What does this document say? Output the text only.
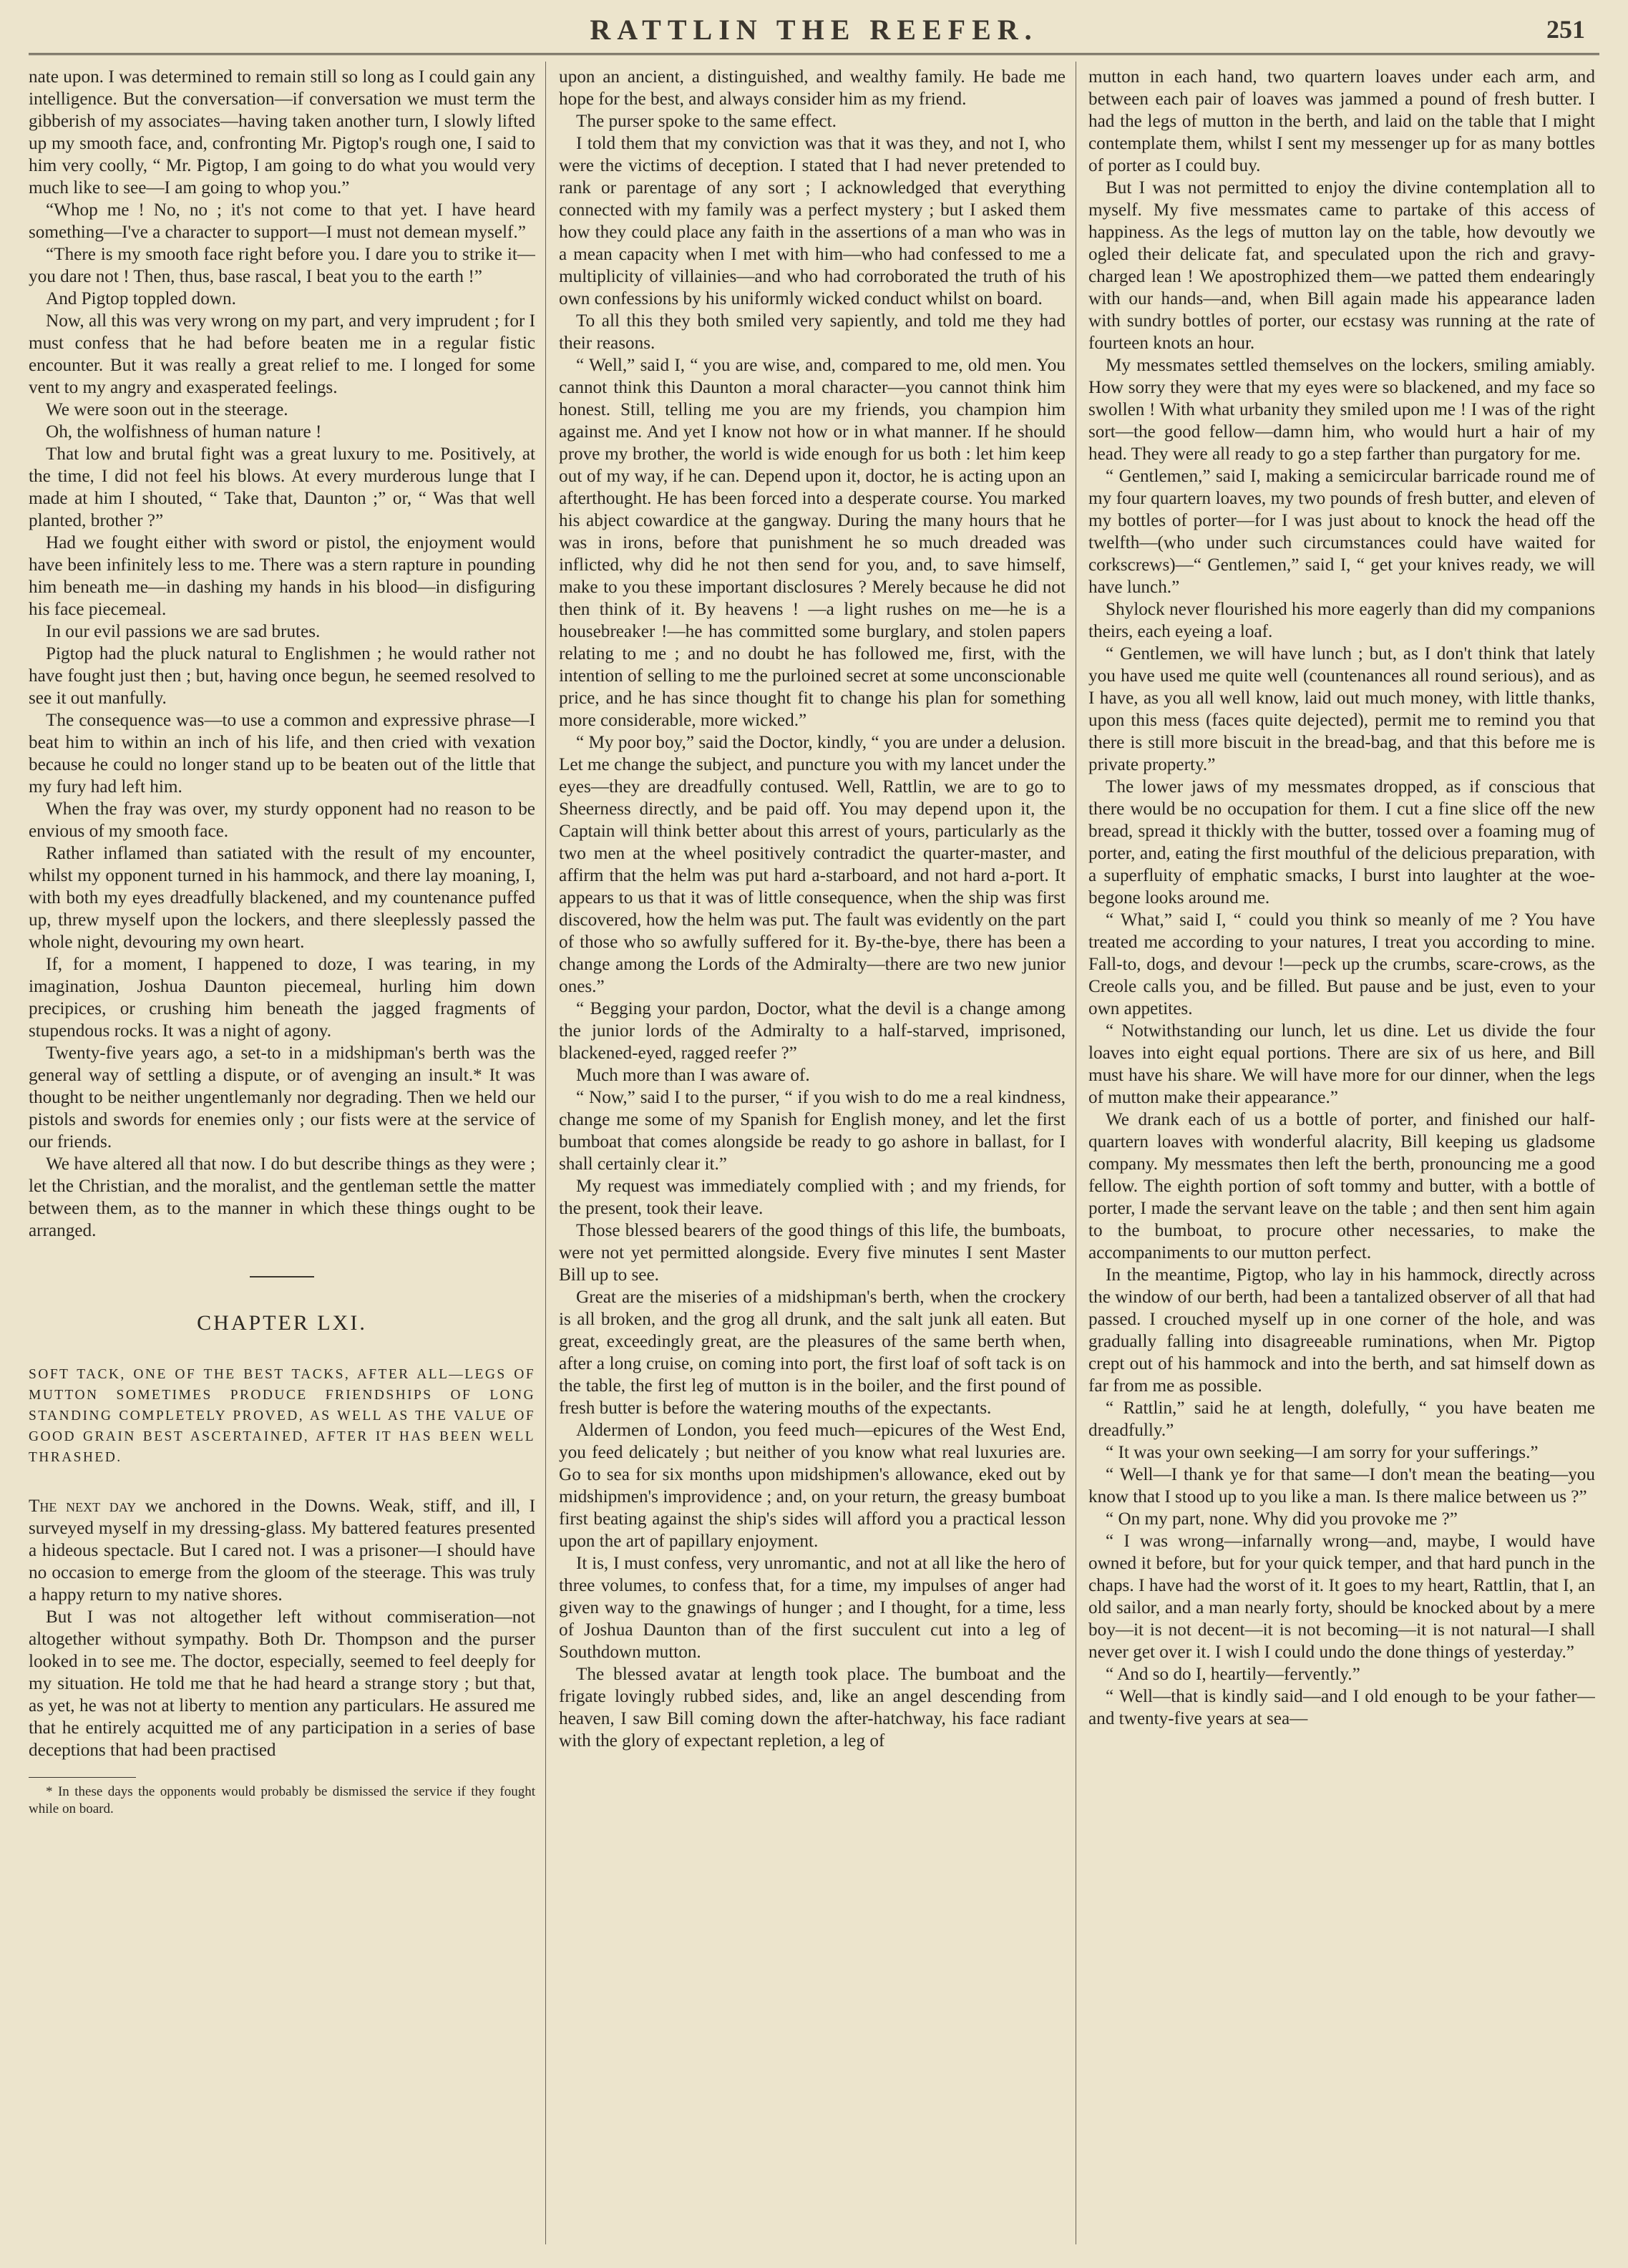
RATTLIN THE REEFER.	251

nate upon. I was determined to remain still so long as I could gain any intelligence. But the conversation—if conversation we must term the gibberish of my associates—having taken another turn, I slowly lifted up my smooth face, and, confronting Mr. Pigtop's rough one, I said to him very coolly, “ Mr. Pigtop, I am going to do what you would very much like to see—I am going to whop you.”

“Whop me ! No, no ; it's not come to that yet. I have heard something—I've a character to support—I must not demean myself.”

“There is my smooth face right before you. I dare you to strike it—you dare not ! Then, thus, base rascal, I beat you to the earth !”

And Pigtop toppled down.

Now, all this was very wrong on my part, and very imprudent ; for I must confess that he had before beaten me in a regular fistic encounter. But it was really a great relief to me. I longed for some vent to my angry and exasperated feelings.

We were soon out in the steerage.

Oh, the wolfishness of human nature !

That low and brutal fight was a great luxury to me. Positively, at the time, I did not feel his blows. At every murderous lunge that I made at him I shouted, “ Take that, Daunton ;” or, “ Was that well planted, brother ?”

Had we fought either with sword or pistol, the enjoyment would have been infinitely less to me. There was a stern rapture in pounding him beneath me—in dashing my hands in his blood—in disfiguring his face piecemeal.

In our evil passions we are sad brutes.

Pigtop had the pluck natural to Englishmen ; he would rather not have fought just then ; but, having once begun, he seemed resolved to see it out manfully.

The consequence was—to use a common and expressive phrase—I beat him to within an inch of his life, and then cried with vexation because he could no longer stand up to be beaten out of the little that my fury had left him.

When the fray was over, my sturdy opponent had no reason to be envious of my smooth face.

Rather inflamed than satiated with the result of my encounter, whilst my opponent turned in his hammock, and there lay moaning, I, with both my eyes dreadfully blackened, and my countenance puffed up, threw myself upon the lockers, and there sleeplessly passed the whole night, devouring my own heart.

If, for a moment, I happened to doze, I was tearing, in my imagination, Joshua Daunton piecemeal, hurling him down precipices, or crushing him beneath the jagged fragments of stupendous rocks. It was a night of agony.

Twenty-five years ago, a set-to in a midshipman's berth was the general way of settling a dispute, or of avenging an insult.* It was thought to be neither ungentlemanly nor degrading. Then we held our pistols and swords for enemies only ; our fists were at the service of our friends.

We have altered all that now. I do but describe things as they were ; let the Christian, and the moralist, and the gentleman settle the matter between them, as to the manner in which these things ought to be arranged.

CHAPTER LXI.
SOFT TACK, ONE OF THE BEST TACKS, AFTER ALL—LEGS OF MUTTON SOMETIMES PRODUCE FRIENDSHIPS OF LONG STANDING COMPLETELY PROVED, AS WELL AS THE VALUE OF GOOD GRAIN BEST ASCERTAINED, AFTER IT HAS BEEN WELL THRASHED.

The next day we anchored in the Downs. Weak, stiff, and ill, I surveyed myself in my dressing-glass. My battered features presented a hideous spectacle. But I cared not. I was a prisoner—I should have no occasion to emerge from the gloom of the steerage. This was truly a happy return to my native shores.

But I was not altogether left without commiseration—not altogether without sympathy. Both Dr. Thompson and the purser looked in to see me. The doctor, especially, seemed to feel deeply for my situation. He told me that he had heard a strange story ; but that, as yet, he was not at liberty to mention any particulars. He assured me that he entirely acquitted me of any participation in a series of base deceptions that had been practised

* In these days the opponents would probably be dismissed the service if they fought while on board.

upon an ancient, a distinguished, and wealthy family. He bade me hope for the best, and always consider him as my friend.

The purser spoke to the same effect.

I told them that my conviction was that it was they, and not I, who were the victims of deception. I stated that I had never pretended to rank or parentage of any sort ; I acknowledged that everything connected with my family was a perfect mystery ; but I asked them how they could place any faith in the assertions of a man who was in a mean capacity when I met with him—who had confessed to me a multiplicity of villainies—and who had corroborated the truth of his own confessions by his uniformly wicked conduct whilst on board.

To all this they both smiled very sapiently, and told me they had their reasons.

“ Well,” said I, “ you are wise, and, compared to me, old men. You cannot think this Daunton a moral character—you cannot think him honest. Still, telling me you are my friends, you champion him against me. And yet I know not how or in what manner. If he should prove my brother, the world is wide enough for us both : let him keep out of my way, if he can. Depend upon it, doctor, he is acting upon an afterthought. He has been forced into a desperate course. You marked his abject cowardice at the gangway. During the many hours that he was in irons, before that punishment he so much dreaded was inflicted, why did he not then send for you, and, to save himself, make to you these important disclosures ? Merely because he did not then think of it. By heavens ! —a light rushes on me—he is a housebreaker !—he has committed some burglary, and stolen papers relating to me ; and no doubt he has followed me, first, with the intention of selling to me the purloined secret at some unconscionable price, and he has since thought fit to change his plan for something more considerable, more wicked.”

“ My poor boy,” said the Doctor, kindly, “ you are under a delusion. Let me change the subject, and puncture you with my lancet under the eyes—they are dreadfully contused. Well, Rattlin, we are to go to Sheerness directly, and be paid off. You may depend upon it, the Captain will think better about this arrest of yours, particularly as the two men at the wheel positively contradict the quarter-master, and affirm that the helm was put hard a-starboard, and not hard a-port. It appears to us that it was of little consequence, when the ship was first discovered, how the helm was put. The fault was evidently on the part of those who so awfully suffered for it. By-the-bye, there has been a change among the Lords of the Admiralty—there are two new junior ones.”

“ Begging your pardon, Doctor, what the devil is a change among the junior lords of the Admiralty to a half-starved, imprisoned, blackened-eyed, ragged reefer ?”

Much more than I was aware of.

“ Now,” said I to the purser, “ if you wish to do me a real kindness, change me some of my Spanish for English money, and let the first bumboat that comes alongside be ready to go ashore in ballast, for I shall certainly clear it.”

My request was immediately complied with ; and my friends, for the present, took their leave.

Those blessed bearers of the good things of this life, the bumboats, were not yet permitted alongside. Every five minutes I sent Master Bill up to see.

Great are the miseries of a midshipman's berth, when the crockery is all broken, and the grog all drunk, and the salt junk all eaten. But great, exceedingly great, are the pleasures of the same berth when, after a long cruise, on coming into port, the first loaf of soft tack is on the table, the first leg of mutton is in the boiler, and the first pound of fresh butter is before the watering mouths of the expectants.

Aldermen of London, you feed much—epicures of the West End, you feed delicately ; but neither of you know what real luxuries are. Go to sea for six months upon midshipmen's allowance, eked out by midshipmen's improvidence ; and, on your return, the greasy bumboat first beating against the ship's sides will afford you a practical lesson upon the art of papillary enjoyment.

It is, I must confess, very unromantic, and not at all like the hero of three volumes, to confess that, for a time, my impulses of anger had given way to the gnawings of hunger ; and I thought, for a time, less of Joshua Daunton than of the first succulent cut into a leg of Southdown mutton.

The blessed avatar at length took place. The bumboat and the frigate lovingly rubbed sides, and, like an angel descending from heaven, I saw Bill coming down the after-hatchway, his face radiant with the glory of expectant repletion, a leg of

mutton in each hand, two quartern loaves under each arm, and between each pair of loaves was jammed a pound of fresh butter. I had the legs of mutton in the berth, and laid on the table that I might contemplate them, whilst I sent my messenger up for as many bottles of porter as I could buy.

But I was not permitted to enjoy the divine contemplation all to myself. My five messmates came to partake of this access of happiness. As the legs of mutton lay on the table, how devoutly we ogled their delicate fat, and speculated upon the rich and gravy-charged lean ! We apostrophized them—we patted them endearingly with our hands—and, when Bill again made his appearance laden with sundry bottles of porter, our ecstasy was running at the rate of fourteen knots an hour.

My messmates settled themselves on the lockers, smiling amiably. How sorry they were that my eyes were so blackened, and my face so swollen ! With what urbanity they smiled upon me ! I was of the right sort—the good fellow—damn him, who would hurt a hair of my head. They were all ready to go a step farther than purgatory for me.

“ Gentlemen,” said I, making a semicircular barricade round me of my four quartern loaves, my two pounds of fresh butter, and eleven of my bottles of porter—for I was just about to knock the head off the twelfth—(who under such circumstances could have waited for corkscrews)—“ Gentlemen,” said I, “ get your knives ready, we will have lunch.”

Shylock never flourished his more eagerly than did my companions theirs, each eyeing a loaf.

“ Gentlemen, we will have lunch ; but, as I don't think that lately you have used me quite well (countenances all round serious), and as I have, as you all well know, laid out much money, with little thanks, upon this mess (faces quite dejected), permit me to remind you that there is still more biscuit in the bread-bag, and that this before me is private property.”

The lower jaws of my messmates dropped, as if conscious that there would be no occupation for them. I cut a fine slice off the new bread, spread it thickly with the butter, tossed over a foaming mug of porter, and, eating the first mouthful of the delicious preparation, with a superfluity of emphatic smacks, I burst into laughter at the woe-begone looks around me.

“ What,” said I, “ could you think so meanly of me ? You have treated me according to your natures, I treat you according to mine. Fall-to, dogs, and devour !—peck up the crumbs, scare-crows, as the Creole calls you, and be filled. But pause and be just, even to your own appetites.

“ Notwithstanding our lunch, let us dine. Let us divide the four loaves into eight equal portions. There are six of us here, and Bill must have his share. We will have more for our dinner, when the legs of mutton make their appearance.”

We drank each of us a bottle of porter, and finished our half-quartern loaves with wonderful alacrity, Bill keeping us gladsome company. My messmates then left the berth, pronouncing me a good fellow. The eighth portion of soft tommy and butter, with a bottle of porter, I made the servant leave on the table ; and then sent him again to the bumboat, to procure other necessaries, to make the accompaniments to our mutton perfect.

In the meantime, Pigtop, who lay in his hammock, directly across the window of our berth, had been a tantalized observer of all that had passed. I crouched myself up in one corner of the hole, and was gradually falling into disagreeable ruminations, when Mr. Pigtop crept out of his hammock and into the berth, and sat himself down as far from me as possible.

“ Rattlin,” said he at length, dolefully, “ you have beaten me dreadfully.”

“ It was your own seeking—I am sorry for your sufferings.”

“ Well—I thank ye for that same—I don't mean the beating—you know that I stood up to you like a man. Is there malice between us ?”

“ On my part, none. Why did you provoke me ?”

“ I was wrong—infarnally wrong—and, maybe, I would have owned it before, but for your quick temper, and that hard punch in the chaps. I have had the worst of it. It goes to my heart, Rattlin, that I, an old sailor, and a man nearly forty, should be knocked about by a mere boy—it is not decent—it is not becoming—it is not natural—I shall never get over it. I wish I could undo the done things of yesterday.”

“ And so do I, heartily—fervently.”

“ Well—that is kindly said—and I old enough to be your father—and twenty-five years at sea—
